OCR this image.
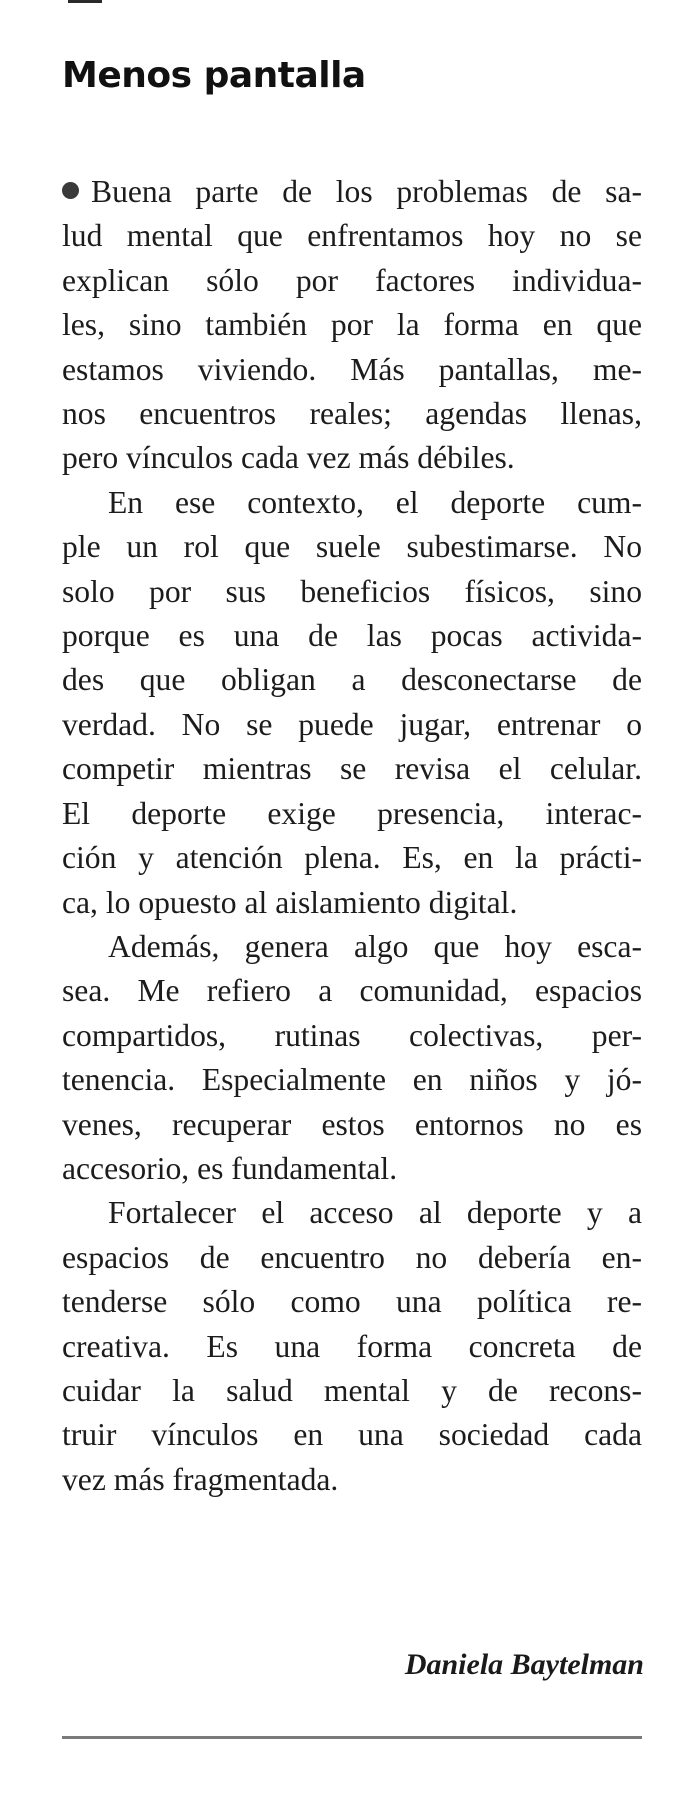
Menos pantalla

Buena parte de los problemas de sa-
lud mental que enfrentamos hoy no se
explican sólo por factores individua-
les, sino también por la forma en que
estamos viviendo. Más pantallas, me-
nos encuentros reales; agendas llenas,
pero vínculos cada vez más débiles.

En ese contexto, el deporte cum-
ple un rol que suele subestimarse. No
solo por sus beneficios físicos, sino
porque es una de las pocas activida-
des que obligan a desconectarse de
verdad. No se puede jugar, entrenar o
competir mientras se revisa el celular.
El deporte exige presencia, interac-
ción y atención plena. Es, en la prácti-
ca, lo opuesto al aislamiento digital.

Además, genera algo que hoy esca-
sea. Me refiero a comunidad, espacios
compartidos, rutinas colectivas, per-
tenencia. Especialmente en niños y jó-
venes, recuperar estos entornos no es
accesorio, es fundamental.

Fortalecer el acceso al deporte y a
espacios de encuentro no debería en-
tenderse sólo como una política re-
creativa. Es una forma concreta de
cuidar la salud mental y de recons-
truir vínculos en una sociedad cada
vez más fragmentada.

Daniela Baytelman
